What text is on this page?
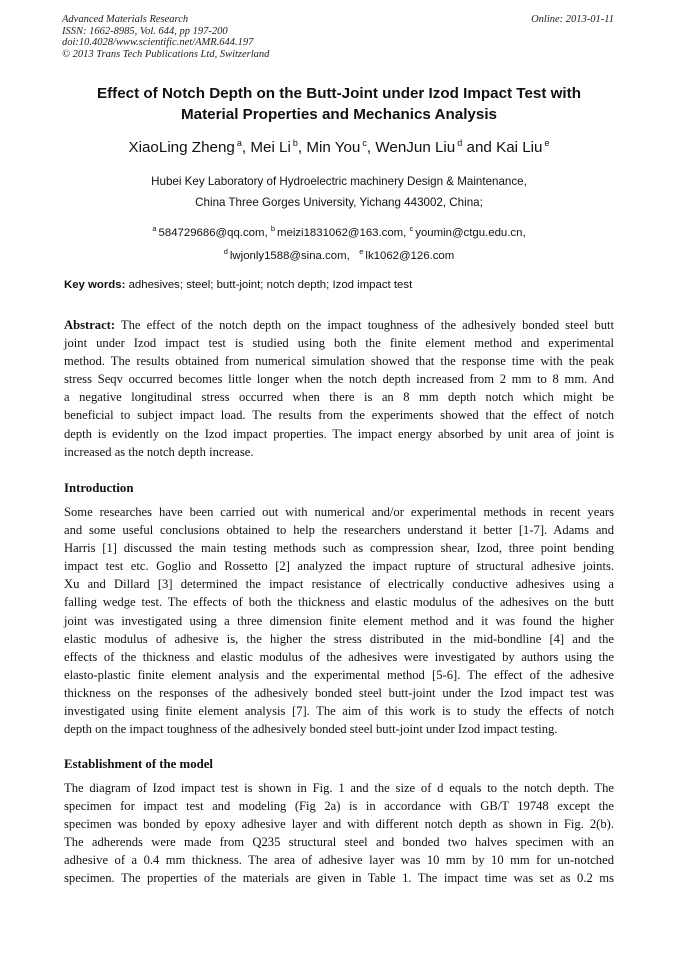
Advanced Materials Research
ISSN: 1662-8985, Vol. 644, pp 197-200
doi:10.4028/www.scientific.net/AMR.644.197
© 2013 Trans Tech Publications Ltd, Switzerland
Online: 2013-01-11
Effect of Notch Depth on the Butt-Joint under Izod Impact Test with
Material Properties and Mechanics Analysis
XiaoLing Zheng $^a$, Mei Li $^b$, Min You $^c$, WenJun Liu $^d$ and Kai Liu $^e$
Hubei Key Laboratory of Hydroelectric machinery Design & Maintenance,
China Three Gorges University, Yichang 443002, China;
$^a$ 584729686@qq.com, $^b$ meizi1831062@163.com, $^c$ youmin@ctgu.edu.cn,
$^d$ lwjonly1588@sina.com, $^e$ lk1062@126.com
Key words: adhesives; steel; butt-joint; notch depth; Izod impact test
Abstract: The effect of the notch depth on the impact toughness of the adhesively bonded steel butt
joint under Izod impact test is studied using both the finite element method and experimental
method. The results obtained from numerical simulation showed that the response time with the peak
stress Seqv occurred becomes little longer when the notch depth increased from 2 mm to 8 mm. And
a negative longitudinal stress occurred when there is an 8 mm depth notch which might be
beneficial to subject impact load. The results from the experiments showed that the effect of notch
depth is evidently on the Izod impact properties. The impact energy absorbed by unit area of joint is
increased as the notch depth increase.
Introduction
Some researches have been carried out with numerical and/or experimental methods in recent years
and some useful conclusions obtained to help the researchers understand it better [1-7]. Adams and
Harris [1] discussed the main testing methods such as compression shear, Izod, three point bending
impact test etc. Goglio and Rossetto [2] analyzed the impact rupture of structural adhesive joints.
Xu and Dillard [3] determined the impact resistance of electrically conductive adhesives using a
falling wedge test. The effects of both the thickness and elastic modulus of the adhesives on the butt
joint was investigated using a three dimension finite element method and it was found the higher
elastic modulus of adhesive is, the higher the stress distributed in the mid-bondline [4] and the
effects of the thickness and elastic modulus of the adhesives were investigated by authors using the
elasto-plastic finite element analysis and the experimental method [5-6]. The effect of the adhesive
thickness on the responses of the adhesively bonded steel butt-joint under the Izod impact test was
investigated using finite element analysis [7]. The aim of this work is to study the effects of notch
depth on the impact toughness of the adhesively bonded steel butt-joint under Izod impact testing.
Establishment of the model
The diagram of Izod impact test is shown in Fig. 1 and the size of d equals to the notch depth. The
specimen for impact test and modeling (Fig 2a) is in accordance with GB/T 19748 except the
specimen was bonded by epoxy adhesive layer and with different notch depth as shown in Fig. 2(b).
The adherends were made from Q235 structural steel and bonded two halves specimen with an
adhesive of a 0.4 mm thickness. The area of adhesive layer was 10 mm by 10 mm for un-notched
specimen. The properties of the materials are given in Table 1. The impact time was set as 0.2 ms
